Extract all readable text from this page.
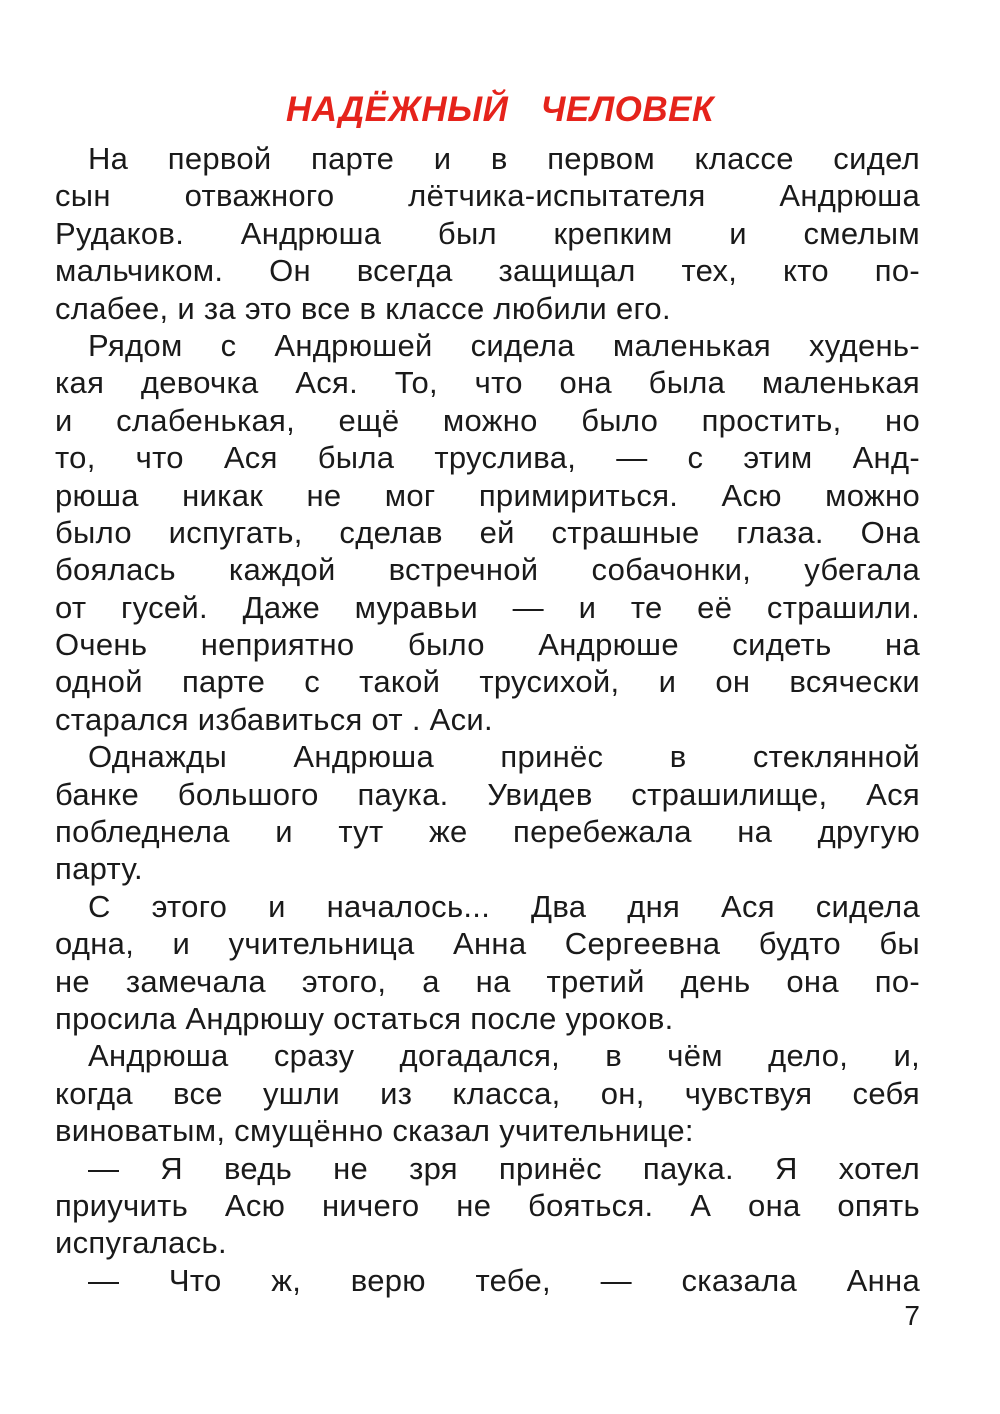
НАДЁЖНЫЙ ЧЕЛОВЕК

На первой парте и в первом классе сидел
сын отважного лётчика-испытателя Андрюша
Рудаков. Андрюша был крепким и смелым
мальчиком. Он всегда защищал тех, кто по-
слабее, и за это все в классе любили его.

Рядом с Андрюшей сидела маленькая худень-
кая девочка Ася. То, что она была маленькая
и слабенькая, ещё можно было простить, но
то, что Ася была труслива, — с этим Анд-
рюша никак не мог примириться. Асю можно
было испугать, сделав ей страшные глаза. Она
боялась каждой встречной собачонки, убегала
от гусей. Даже муравьи — и те её страшили.
Очень неприятно было Андрюше сидеть на
одной парте с такой трусихой, и он всячески
старался избавиться от . Аси.

Однажды Андрюша принёс в стеклянной
банке большого паука. Увидев страшилище, Ася
побледнела и тут же перебежала на другую
парту.

С этого и началось... Два дня Ася сидела
одна, и учительница Анна Сергеевна будто бы
не замечала этого, а на третий день она по-
просила Андрюшу остаться после уроков.

Андрюша сразу догадался, в чём дело, и,
когда все ушли из класса, он, чувствуя себя
виноватым, смущённо сказал учительнице:

— Я ведь не зря принёс паука. Я хотел
приучить Асю ничего не бояться. А она опять
испугалась.

— Что ж, верю тебе, — сказала Анна

7
